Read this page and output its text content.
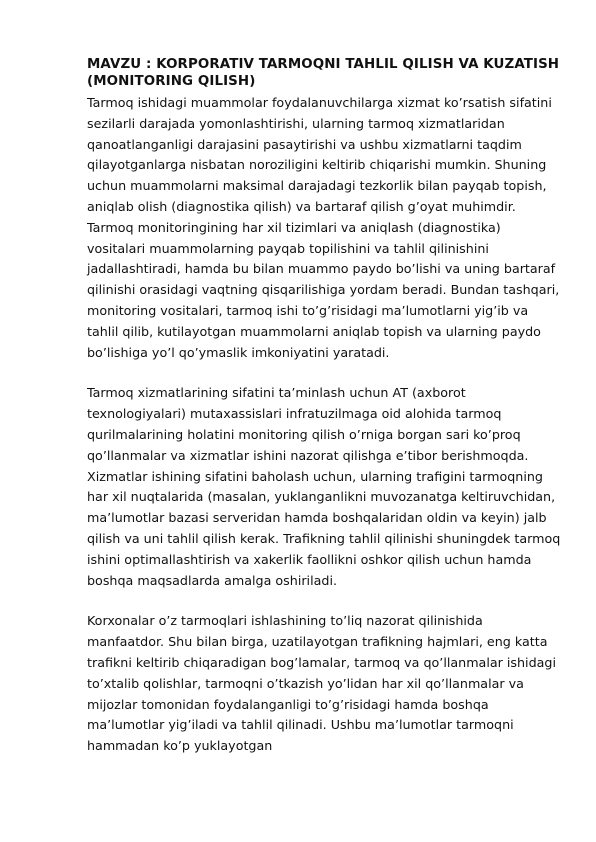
MAVZU : KORPORATIV TARMOQNI TAHLIL QILISH VA KUZATISH (MONITORING QILISH)

Tarmoq ishidagi muammolar foydalanuvchilarga xizmat ko’rsatish sifatini sezilarli darajada yomonlashtirishi, ularning tarmoq xizmatlaridan qanoatlanganligi darajasini pasaytirishi va ushbu xizmatlarni taqdim qilayotganlarga nisbatan noroziligini keltirib chiqarishi mumkin. Shuning uchun muammolarni maksimal darajadagi tezkorlik bilan payqab topish, aniqlab olish (diagnostika qilish) va bartaraf qilish g’oyat muhimdir. Tarmoq monitoringining har xil tizimlari va aniqlash (diagnostika) vositalari muammolarning payqab topilishini va tahlil qilinishini jadallashtiradi, hamda bu bilan muammo paydo bo’lishi va uning bartaraf qilinishi orasidagi vaqtning qisqarilishiga yordam beradi. Bundan tashqari, monitoring vositalari, tarmoq ishi to’g’risidagi ma’lumotlarni yig’ib va tahlil qilib, kutilayotgan muammolarni aniqlab topish va ularning paydo bo’lishiga yo’l qo’ymaslik imkoniyatini yaratadi.

Tarmoq xizmatlarining sifatini ta’minlash uchun AT (axborot texnologiyalari) mutaxassislari infratuzilmaga oid alohida tarmoq qurilmalarining holatini monitoring qilish o’rniga borgan sari ko’proq qo’llanmalar va xizmatlar ishini nazorat qilishga e’tibor berishmoqda. Xizmatlar ishining sifatini baholash uchun, ularning trafigini tarmoqning har xil nuqtalarida (masalan, yuklanganlikni muvozanatga keltiruvchidan, ma’lumotlar bazasi serveridan hamda boshqalaridan oldin va keyin) jalb qilish va uni tahlil qilish kerak. Trafikning tahlil qilinishi shuningdek tarmoq ishini optimallashtirish va xakerlik faollikni oshkor qilish uchun hamda boshqa maqsadlarda amalga oshiriladi.

Korxonalar o’z tarmoqlari ishlashining to’liq nazorat qilinishida manfaatdor. Shu bilan birga, uzatilayotgan trafikning hajmlari, eng katta trafikni keltirib chiqaradigan bog’lamalar, tarmoq va qo’llanmalar ishidagi to’xtalib qolishlar, tarmoqni o’tkazish yo’lidan har xil qo’llanmalar va mijozlar tomonidan foydalanganligi to’g’risidagi hamda boshqa ma’lumotlar yig’iladi va tahlil qilinadi. Ushbu ma’lumotlar tarmoqni hammadan ko’p yuklayotgan
